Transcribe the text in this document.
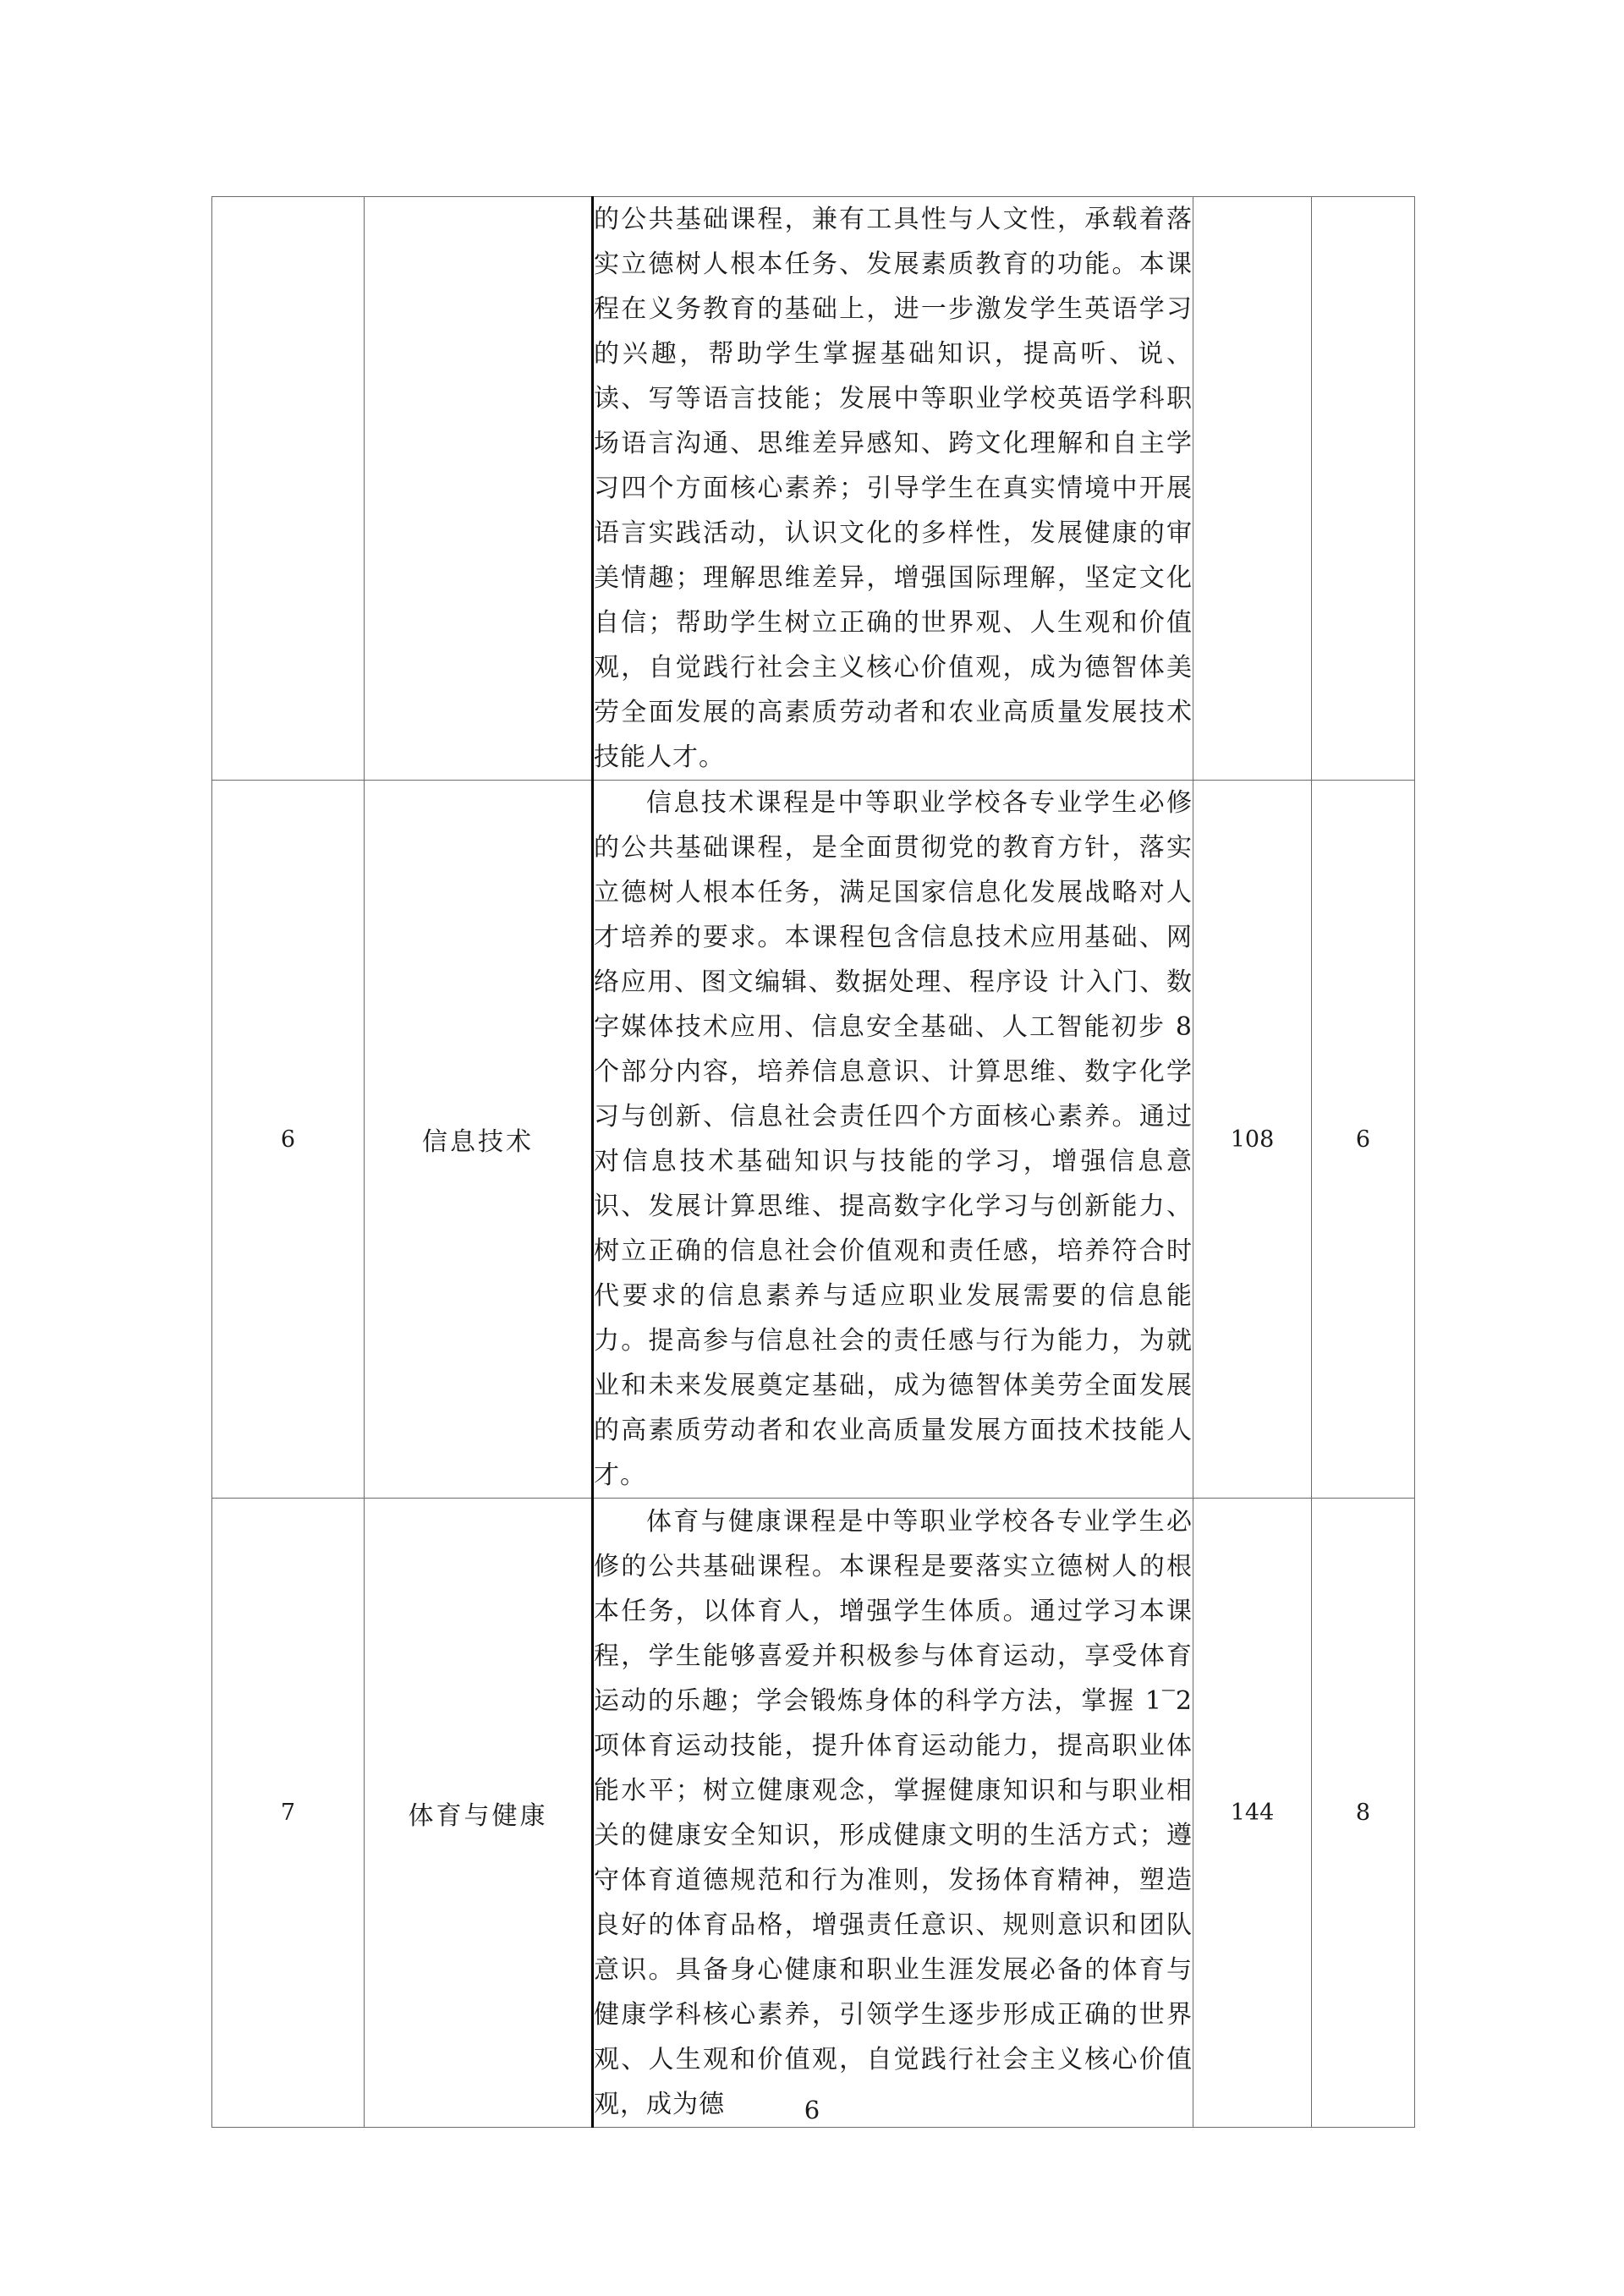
		的公共基础课程，兼有工具性与人文性，承载着落实立德树人根本任务、发展素质教育的功能。本课程在义务教育的基础上，进一步激发学生英语学习的兴趣，帮助学生掌握基础知识，提高听、说、读、写等语言技能；发展中等职业学校英语学科职场语言沟通、思维差异感知、跨文化理解和自主学习四个方面核心素养；引导学生在真实情境中开展语言实践活动，认识文化的多样性，发展健康的审美情趣；理解思维差异，增强国际理解，坚定文化自信；帮助学生树立正确的世界观、人生观和价值观，自觉践行社会主义核心价值观，成为德智体美劳全面发展的高素质劳动者和农业高质量发展技术技能人才。		

6	信息技术	信息技术课程是中等职业学校各专业学生必修的公共基础课程，是全面贯彻党的教育方针，落实立德树人根本任务，满足国家信息化发展战略对人才培养的要求。本课程包含信息技术应用基础、网络应用、图文编辑、数据处理、程序设 计入门、数字媒体技术应用、信息安全基础、人工智能初步 8 个部分内容，培养信息意识、计算思维、数字化学习与创新、信息社会责任四个方面核心素养。通过对信息技术基础知识与技能的学习，增强信息意识、发展计算思维、提高数字化学习与创新能力、树立正确的信息社会价值观和责任感，培养符合时代要求的信息素养与适应职业发展需要的信息能力。提高参与信息社会的责任感与行为能力，为就业和未来发展奠定基础，成为德智体美劳全面发展的高素质劳动者和农业高质量发展方面技术技能人才。	108	6
7	体育与健康	体育与健康课程是中等职业学校各专业学生必修的公共基础课程。本课程是要落实立德树人的根本任务，以体育人，增强学生体质。通过学习本课程，学生能够喜爱并积极参与体育运动，享受体育运动的乐趣；学会锻炼身体的科学方法，掌握 1‾2 项体育运动技能，提升体育运动能力，提高职业体能水平；树立健康观念，掌握健康知识和与职业相关的健康安全知识，形成健康文明的生活方式；遵守体育道德规范和行为准则，发扬体育精神，塑造良好的体育品格，增强责任意识、规则意识和团队意识。具备身心健康和职业生涯发展必备的体育与健康学科核心素养，引领学生逐步形成正确的世界观、人生观和价值观，自觉践行社会主义核心价值观，成为德	144	8
6
